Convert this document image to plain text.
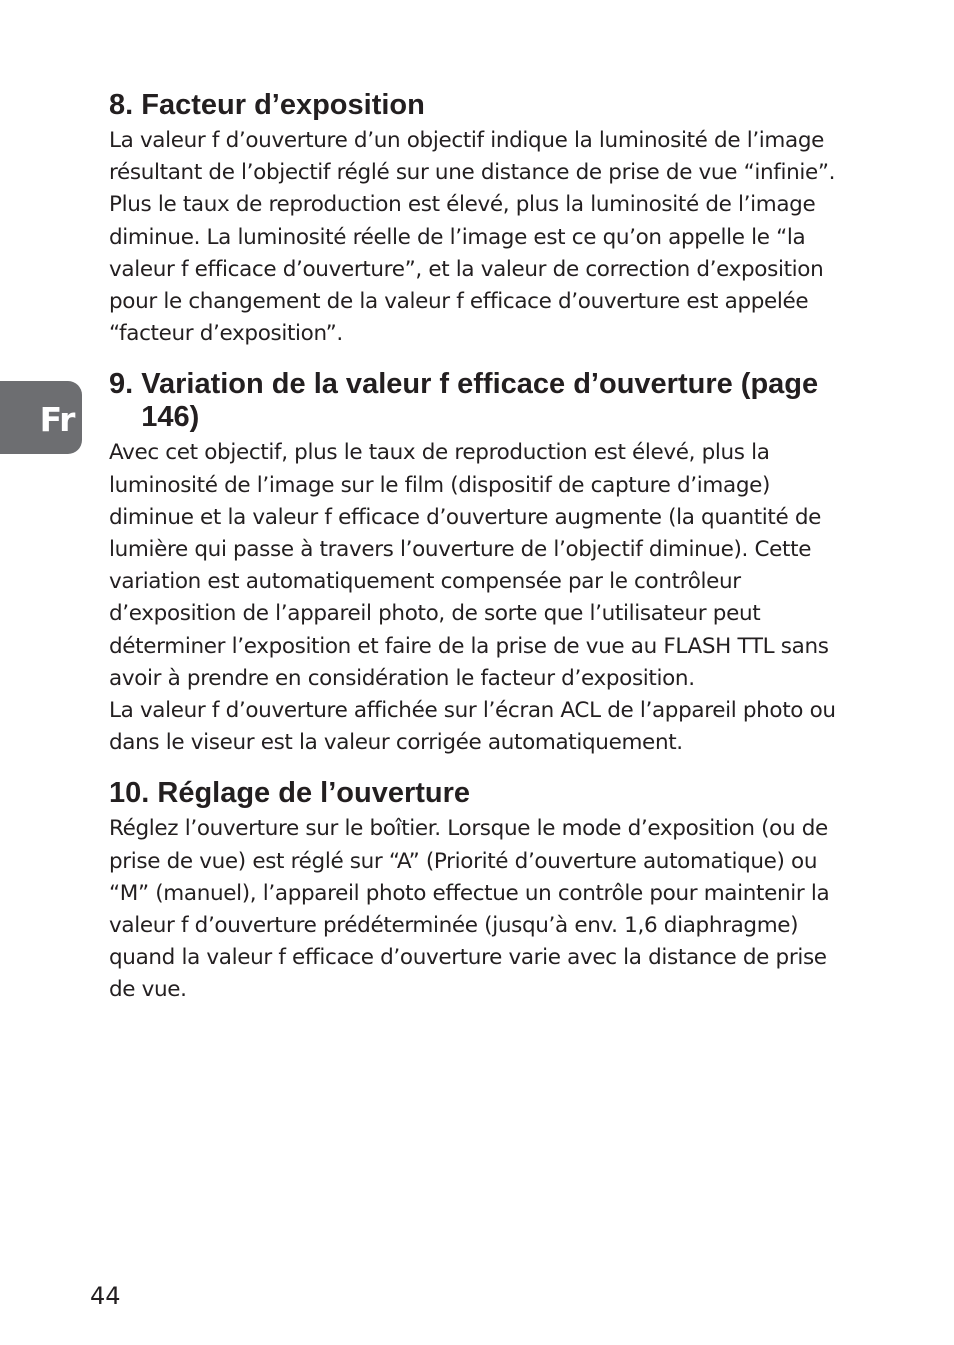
Fr
8. Facteur d’exposition

La valeur f d’ouverture d’un objectif indique la luminosité de l’image résultant de l’objectif réglé sur une distance de prise de vue “infinie”. Plus le taux de reproduction est élevé, plus la luminosité de l’image diminue. La luminosité réelle de l’image est ce qu’on appelle le “la valeur f efficace d’ouverture”, et la valeur de correction d’exposition pour le changement de la valeur f efficace d’ouverture est appelée “facteur d’exposition”.

9. Variation de la valeur f efficace d’ouverture (page 146)

Avec cet objectif, plus le taux de reproduction est élevé, plus la luminosité de l’image sur le film (dispositif de capture d’image) diminue et la valeur f efficace d’ouverture augmente (la quantité de lumière qui passe à travers l’ouverture de l’objectif diminue). Cette variation est automatiquement compensée par le contrôleur d’exposition de l’appareil photo, de sorte que l’utilisateur peut déterminer l’exposition et faire de la prise de vue au FLASH TTL sans avoir à prendre en considération le facteur d’exposition.

La valeur f d’ouverture affichée sur l’écran ACL de l’appareil photo ou dans le viseur est la valeur corrigée automatiquement.

10. Réglage de l’ouverture

Réglez l’ouverture sur le boîtier. Lorsque le mode d’exposition (ou de prise de vue) est réglé sur “A” (Priorité d’ouverture automatique) ou “M” (manuel), l’appareil photo effectue un contrôle pour maintenir la valeur f d’ouverture prédéterminée (jusqu’à env. 1,6 diaphragme) quand la valeur f efficace d’ouverture varie avec la distance de prise de vue.

44
